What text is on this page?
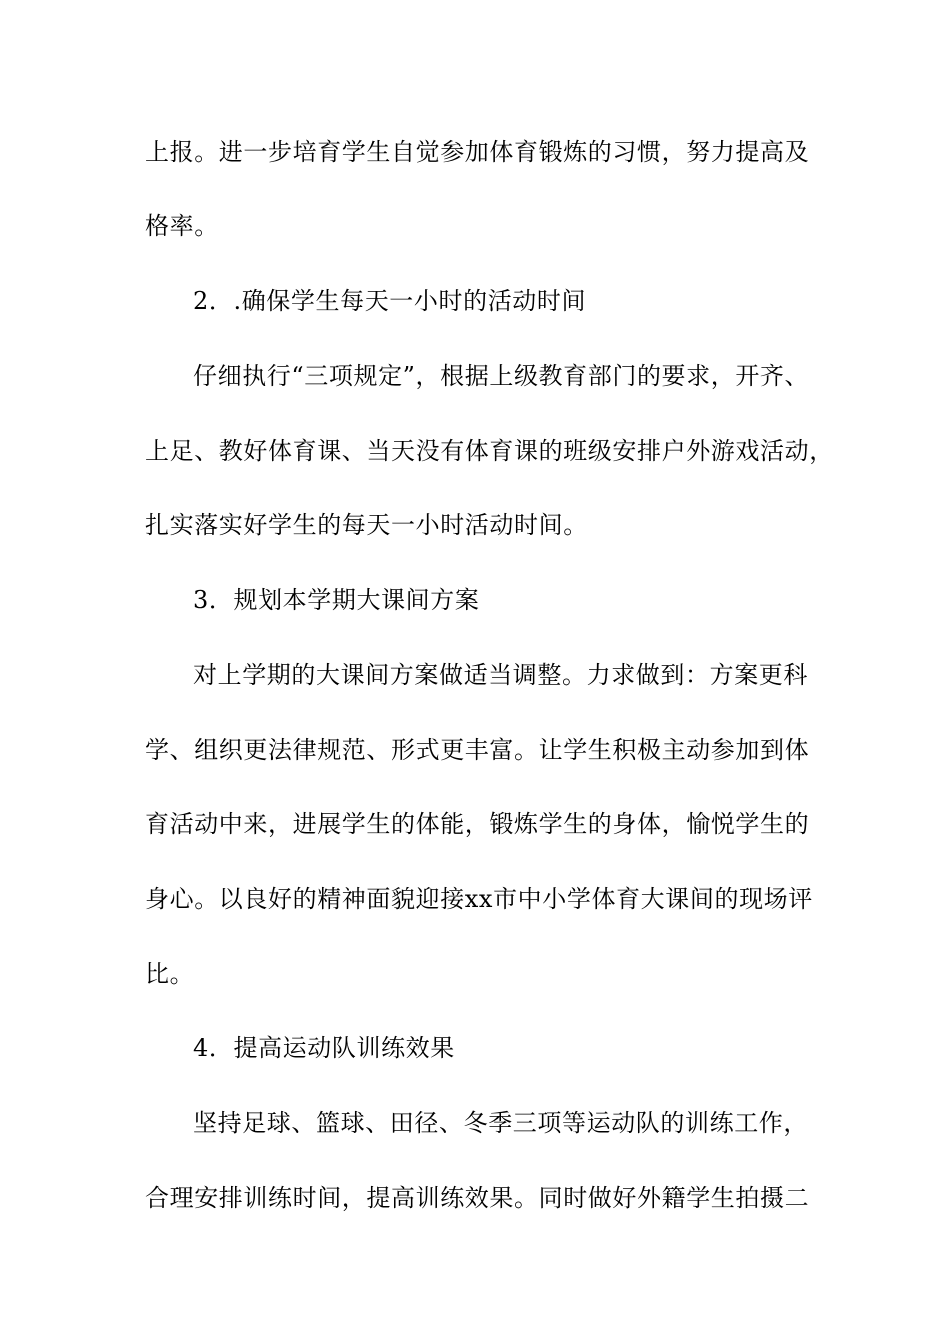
上报。进一步培育学生自觉参加体育锻炼的习惯，努力提高及
格率。
2．.确保学生每天一小时的活动时间
仔细执行“三项规定”，根据上级教育部门的要求，开齐、
上足、教好体育课、当天没有体育课的班级安排户外游戏活动，
扎实落实好学生的每天一小时活动时间。
3．规划本学期大课间方案
对上学期的大课间方案做适当调整。力求做到：方案更科
学、组织更法律规范、形式更丰富。让学生积极主动参加到体
育活动中来，进展学生的体能，锻炼学生的身体，愉悦学生的
身心。以良好的精神面貌迎接xx市中小学体育大课间的现场评
比。
4．提高运动队训练效果
坚持足球、篮球、田径、冬季三项等运动队的训练工作，
合理安排训练时间，提高训练效果。同时做好外籍学生拍摄二
